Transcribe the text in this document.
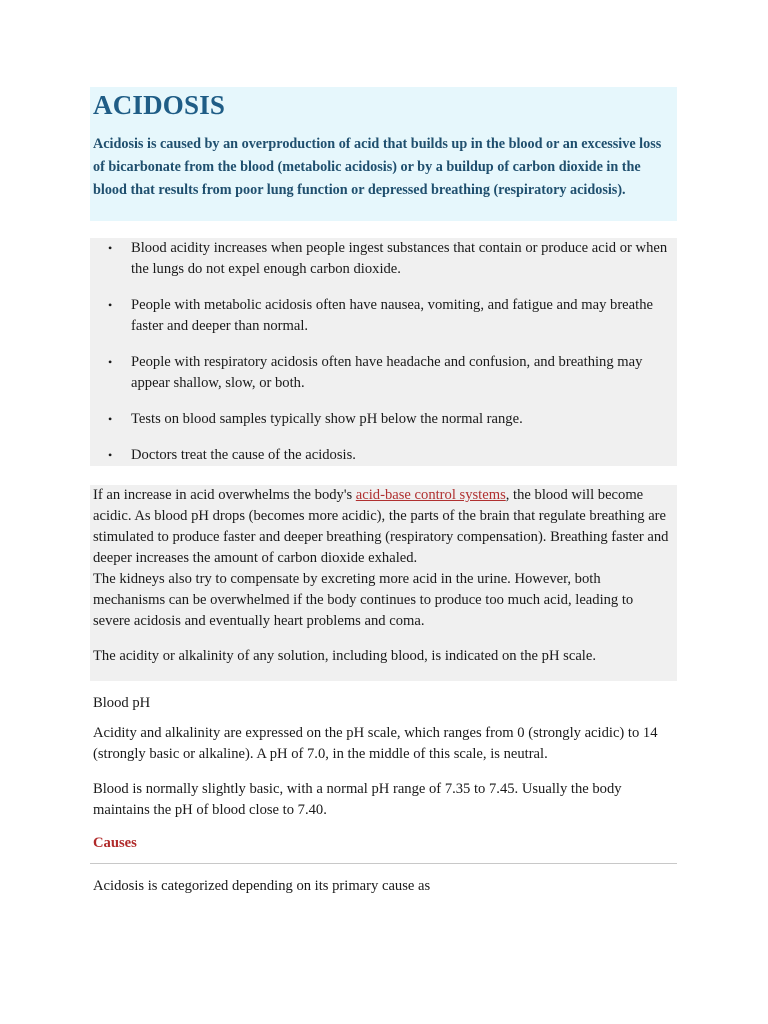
ACIDOSIS

Acidosis is caused by an overproduction of acid that builds up in the blood or an excessive loss of bicarbonate from the blood (metabolic acidosis) or by a buildup of carbon dioxide in the blood that results from poor lung function or depressed breathing (respiratory acidosis).

• Blood acidity increases when people ingest substances that contain or produce acid or when the lungs do not expel enough carbon dioxide.
• People with metabolic acidosis often have nausea, vomiting, and fatigue and may breathe faster and deeper than normal.
• People with respiratory acidosis often have headache and confusion, and breathing may appear shallow, slow, or both.
• Tests on blood samples typically show pH below the normal range.
• Doctors treat the cause of the acidosis.

If an increase in acid overwhelms the body's acid-base control systems, the blood will become acidic. As blood pH drops (becomes more acidic), the parts of the brain that regulate breathing are stimulated to produce faster and deeper breathing (respiratory compensation). Breathing faster and deeper increases the amount of carbon dioxide exhaled.

The kidneys also try to compensate by excreting more acid in the urine. However, both mechanisms can be overwhelmed if the body continues to produce too much acid, leading to severe acidosis and eventually heart problems and coma.

The acidity or alkalinity of any solution, including blood, is indicated on the pH scale.

Blood pH

Acidity and alkalinity are expressed on the pH scale, which ranges from 0 (strongly acidic) to 14 (strongly basic or alkaline). A pH of 7.0, in the middle of this scale, is neutral.

Blood is normally slightly basic, with a normal pH range of 7.35 to 7.45. Usually the body maintains the pH of blood close to 7.40.

Causes

Acidosis is categorized depending on its primary cause as
